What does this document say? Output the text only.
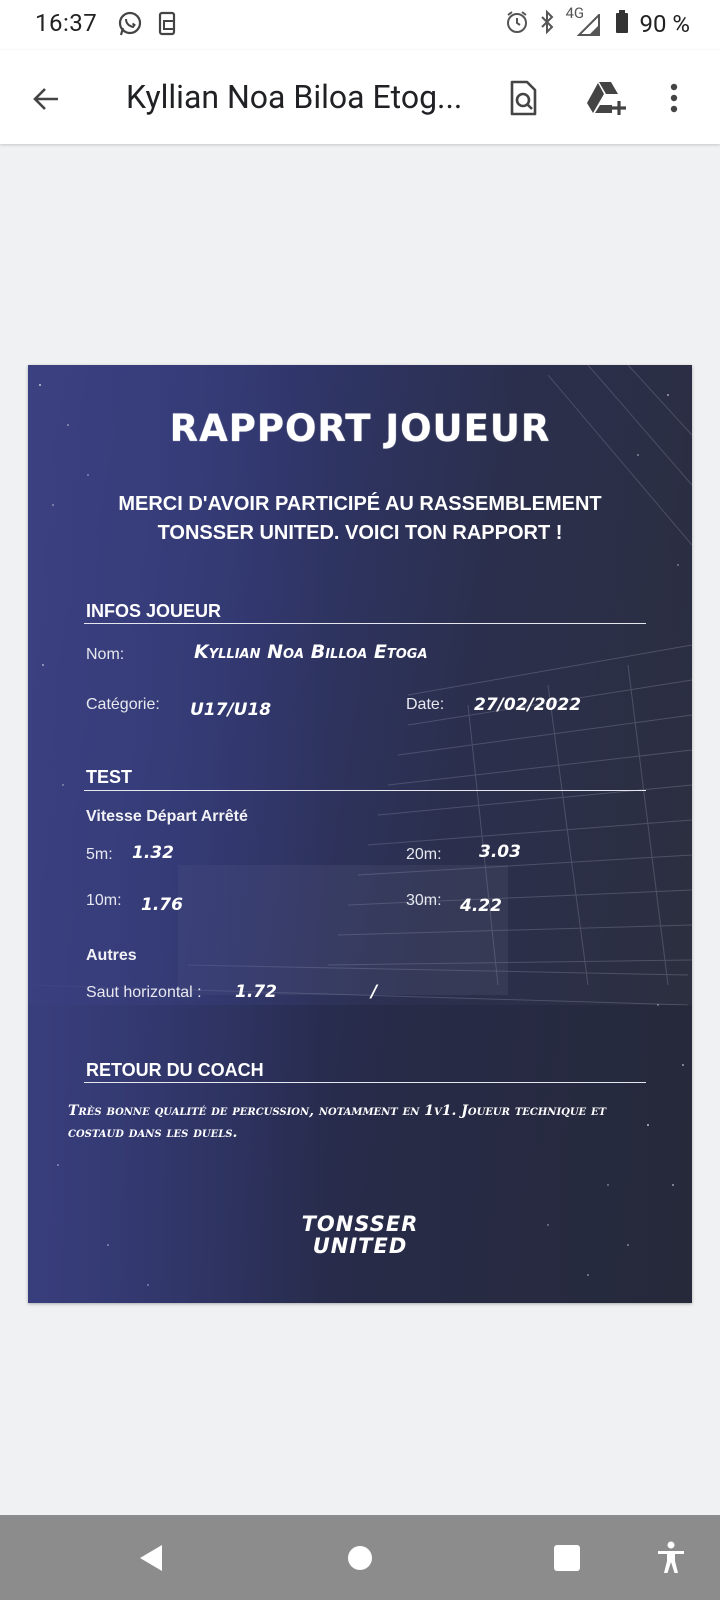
16:37	4G 90 %
Kyllian Noa Biloa Etog...
RAPPORT JOUEUR
MERCI D'AVOIR PARTICIPÉ AU RASSEMBLEMENT TONSSER UNITED. VOICI TON RAPPORT !
INFOS JOUEUR
Nom:	Kyllian Noa Billoa Etoga
Catégorie: U17/U18	Date: 27/02/2022
TEST
Vitesse Départ Arrêté
5m: 1.32	20m: 3.03
10m: 1.76	30m: 4.22
Autres
Saut horizontal : 1.72	/
RETOUR DU COACH
Très bonne qualité de percussion, notamment en 1v1. Joueur technique et costaud dans les duels.
TONSSER
UNITED
